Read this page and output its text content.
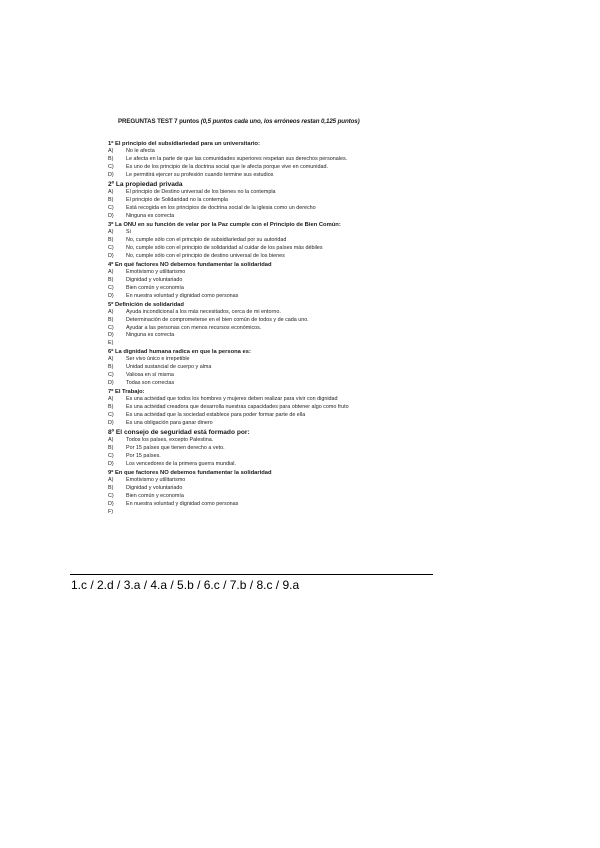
PREGUNTAS TEST 7 puntos (0,5 puntos cada uno, los erróneos restan 0,125 puntos)
1º El principio del subsidiariedad para un universitario:
A)	No le afecta
B)	Le afecta en la parte de que las comunidades superiores respetan sus derechos personales.
C)	Es uno de los principio de la doctrina social que le afecta porque vive en comunidad.
D)	Le permitirá ejercer su profesión cuando termine sus estudios
2º La propiedad privada
A)	El principio de Destino universal de los bienes no la contempla
B)	El principio de Solidaridad no la contempla
C)	Está recogida en los principios de doctrina social de la iglesia como un derecho
D)	Ninguna es correcta
3º La ONU en su función de velar por la Paz cumple con el Principio de Bien Común:
A)	Si
B)	No, cumple sólo con el principio de subsidiariedad por su autoridad
C)	No, cumple sólo con el principio de solidaridad al cuidar de los países más débiles
D)	No, cumple sólo con el principio de destino universal de los bienes
4º En qué factores NO debemos fundamentar la solidaridad
A)	Emotivismo y utilitarismo
B)	Dignidad y voluntariado
C)	Bien común y economía
D)	En nuestra voluntad y dignidad como personas
5º Definición de solidaridad
A)	Ayuda incondicional a los más necesitados, cerca de mi entorno.
B)	Determinación de comprometerse en el bien común de todos y de cada uno.
C)	Ayudar a las personas con menos recursos económicos.
D)	Ninguna es correcta
E)
6º La dignidad humana radica en que la persona es:
A)	Ser vivo único e irrepetible
B)	Unidad sustancial de cuerpo y alma
C)	Valiosa en sí misma
D)	Todas son correctas
7º El Trabajo:
A)	Es una actividad que todos los hombres y mujeres deben realizar para vivir con dignidad
B)	Es una actividad creadora que desarrolla nuestras capacidades para obtener algo como fruto
C)	Es una actividad que la sociedad establece para poder formar parte de ella
D)	Es una obligación para ganar dinero
8º El consejo de seguridad está formado por:
A)	Todos los países, excepto Palestina.
B)	Por 15 países que tienen derecho a veto.
C)	Por 15 países.
D)	Los vencedores de la primera guerra mundial.
9º En que factores NO debemos fundamentar la solidaridad
A)	Emotivismo y utilitarismo
B)	Dignidad y voluntariado
C)	Bien común y economía
D)	En nuestra voluntad y dignidad como personas
F)
1.c / 2.d / 3.a / 4.a / 5.b / 6.c / 7.b / 8.c / 9.a
